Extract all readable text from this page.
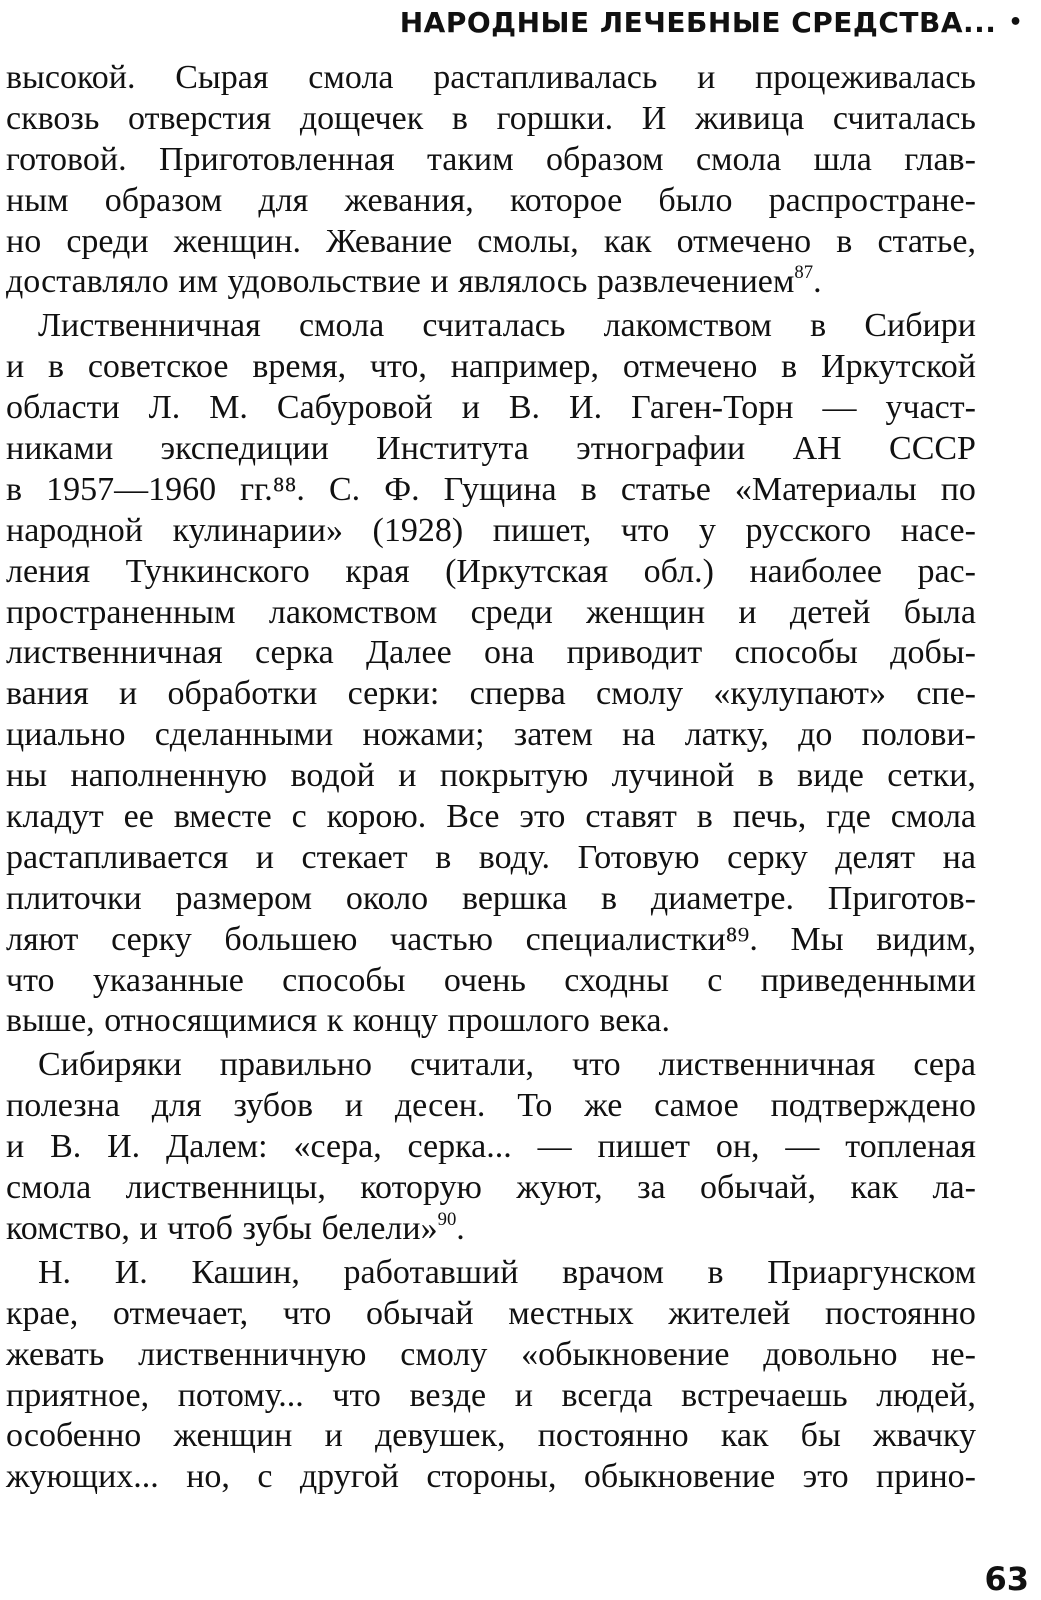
НАРОДНЫЕ ЛЕЧЕБНЫЕ СРЕДСТВА... •
высокой. Сырая смола растапливалась и процеживалась
сквозь отверстия дощечек в горшки. И живица считалась
готовой. Приготовленная таким образом смола шла глав-
ным образом для жевания, которое было распростране-
но среди женщин. Жевание смолы, как отмечено в статье,
доставляло им удовольствие и являлось развлечением$^{87}$.
Лиственничная смола считалась лакомством в Сибири
и в советское время, что, например, отмечено в Иркутской
области Л. М. Сабуровой и В. И. Гаген-Торн — участ-
никами экспедиции Института этнографии АН СССР
в 1957—1960 гг.⁸⁸. С. Ф. Гущина в статье «Материалы по
народной кулинарии» (1928) пишет, что у русского насе-
ления Тункинского края (Иркутская обл.) наиболее рас-
пространенным лакомством среди женщин и детей была
лиственничная серка Далее она приводит способы добы-
вания и обработки серки: сперва смолу «кулупают» спе-
циально сделанными ножами; затем на латку, до полови-
ны наполненную водой и покрытую лучиной в виде сетки,
кладут ее вместе с корою. Все это ставят в печь, где смола
растапливается и стекает в воду. Готовую серку делят на
плиточки размером около вершка в диаметре. Приготов-
ляют серку большею частью специалистки⁸⁹. Мы видим,
что указанные способы очень сходны с приведенными
выше, относящимися к концу прошлого века.
Сибиряки правильно считали, что лиственничная сера
полезна для зубов и десен. То же самое подтверждено
и В. И. Далем: «сера, серка... — пишет он, — топленая
смола лиственницы, которую жуют, за обычай, как ла-
комство, и чтоб зубы белели»$^{90}$.
Н. И. Кашин, работавший врачом в Приаргунском
крае, отмечает, что обычай местных жителей постоянно
жевать лиственничную смолу «обыкновение довольно не-
приятное, потому... что везде и всегда встречаешь людей,
особенно женщин и девушек, постоянно как бы жвачку
жующих... но, с другой стороны, обыкновение это прино-
63
